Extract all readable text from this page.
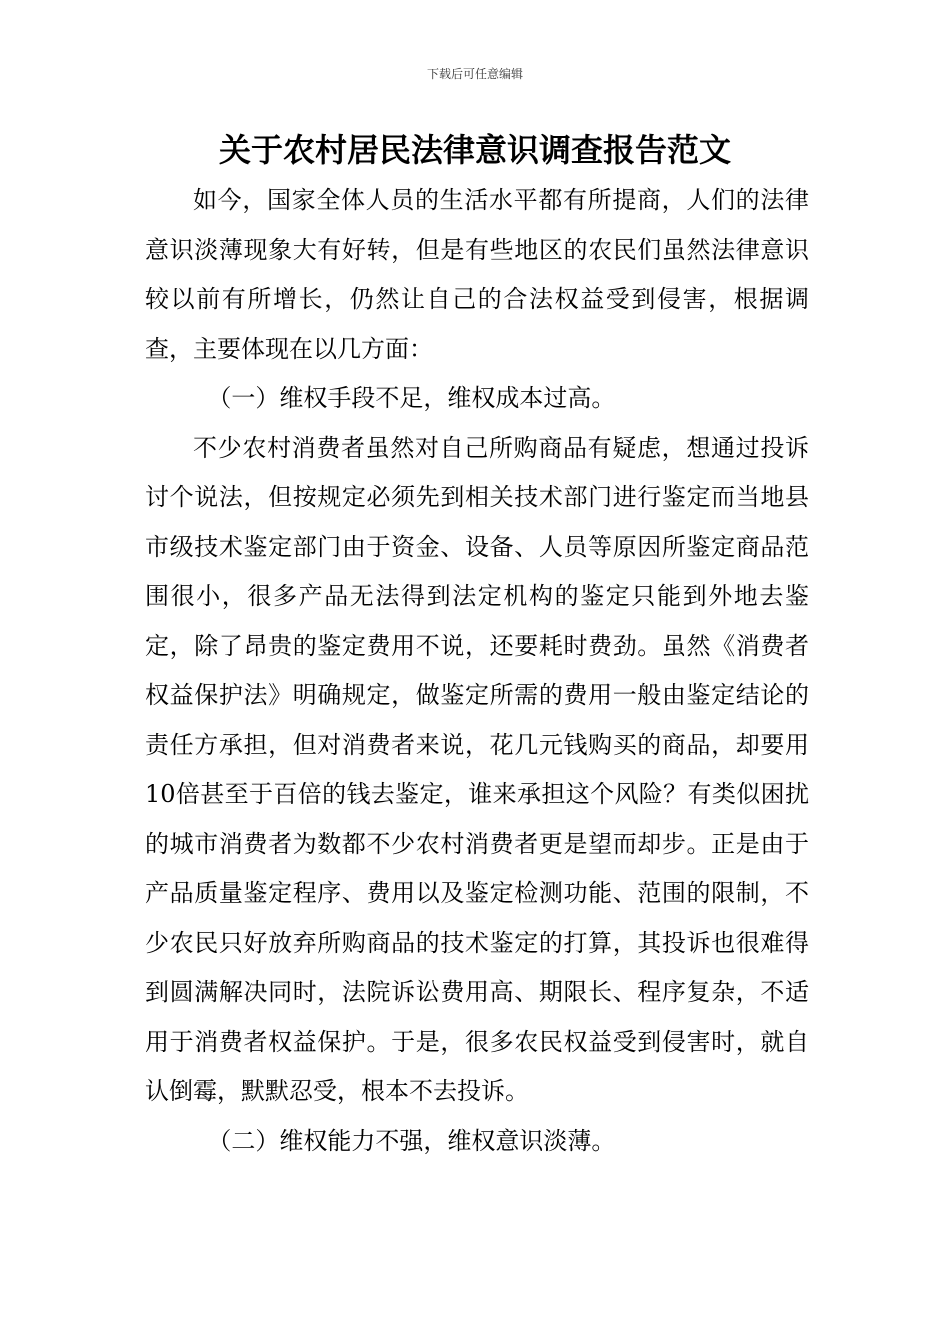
下载后可任意编辑
关于农村居民法律意识调查报告范文

如今，国家全体人员的生活水平都有所提商，人们的法律意识淡薄现象大有好转，但是有些地区的农民们虽然法律意识较以前有所增长，仍然让自己的合法权益受到侵害，根据调查，主要体现在以几方面：

（一）维权手段不足，维权成本过高。

不少农村消费者虽然对自己所购商品有疑虑，想通过投诉讨个说法，但按规定必须先到相关技术部门进行鉴定而当地县市级技术鉴定部门由于资金、设备、人员等原因所鉴定商品范围很小，很多产品无法得到法定机构的鉴定只能到外地去鉴定，除了昂贵的鉴定费用不说，还要耗时费劲。虽然《消费者权益保护法》明确规定，做鉴定所需的费用一般由鉴定结论的责任方承担，但对消费者来说，花几元钱购买的商品，却要用10倍甚至于百倍的钱去鉴定，谁来承担这个风险？有类似困扰的城市消费者为数都不少农村消费者更是望而却步。正是由于产品质量鉴定程序、费用以及鉴定检测功能、范围的限制，不少农民只好放弃所购商品的技术鉴定的打算，其投诉也很难得到圆满解决同时，法院诉讼费用高、期限长、程序复杂，不适用于消费者权益保护。于是，很多农民权益受到侵害时，就自认倒霉，默默忍受，根本不去投诉。

（二）维权能力不强，维权意识淡薄。
